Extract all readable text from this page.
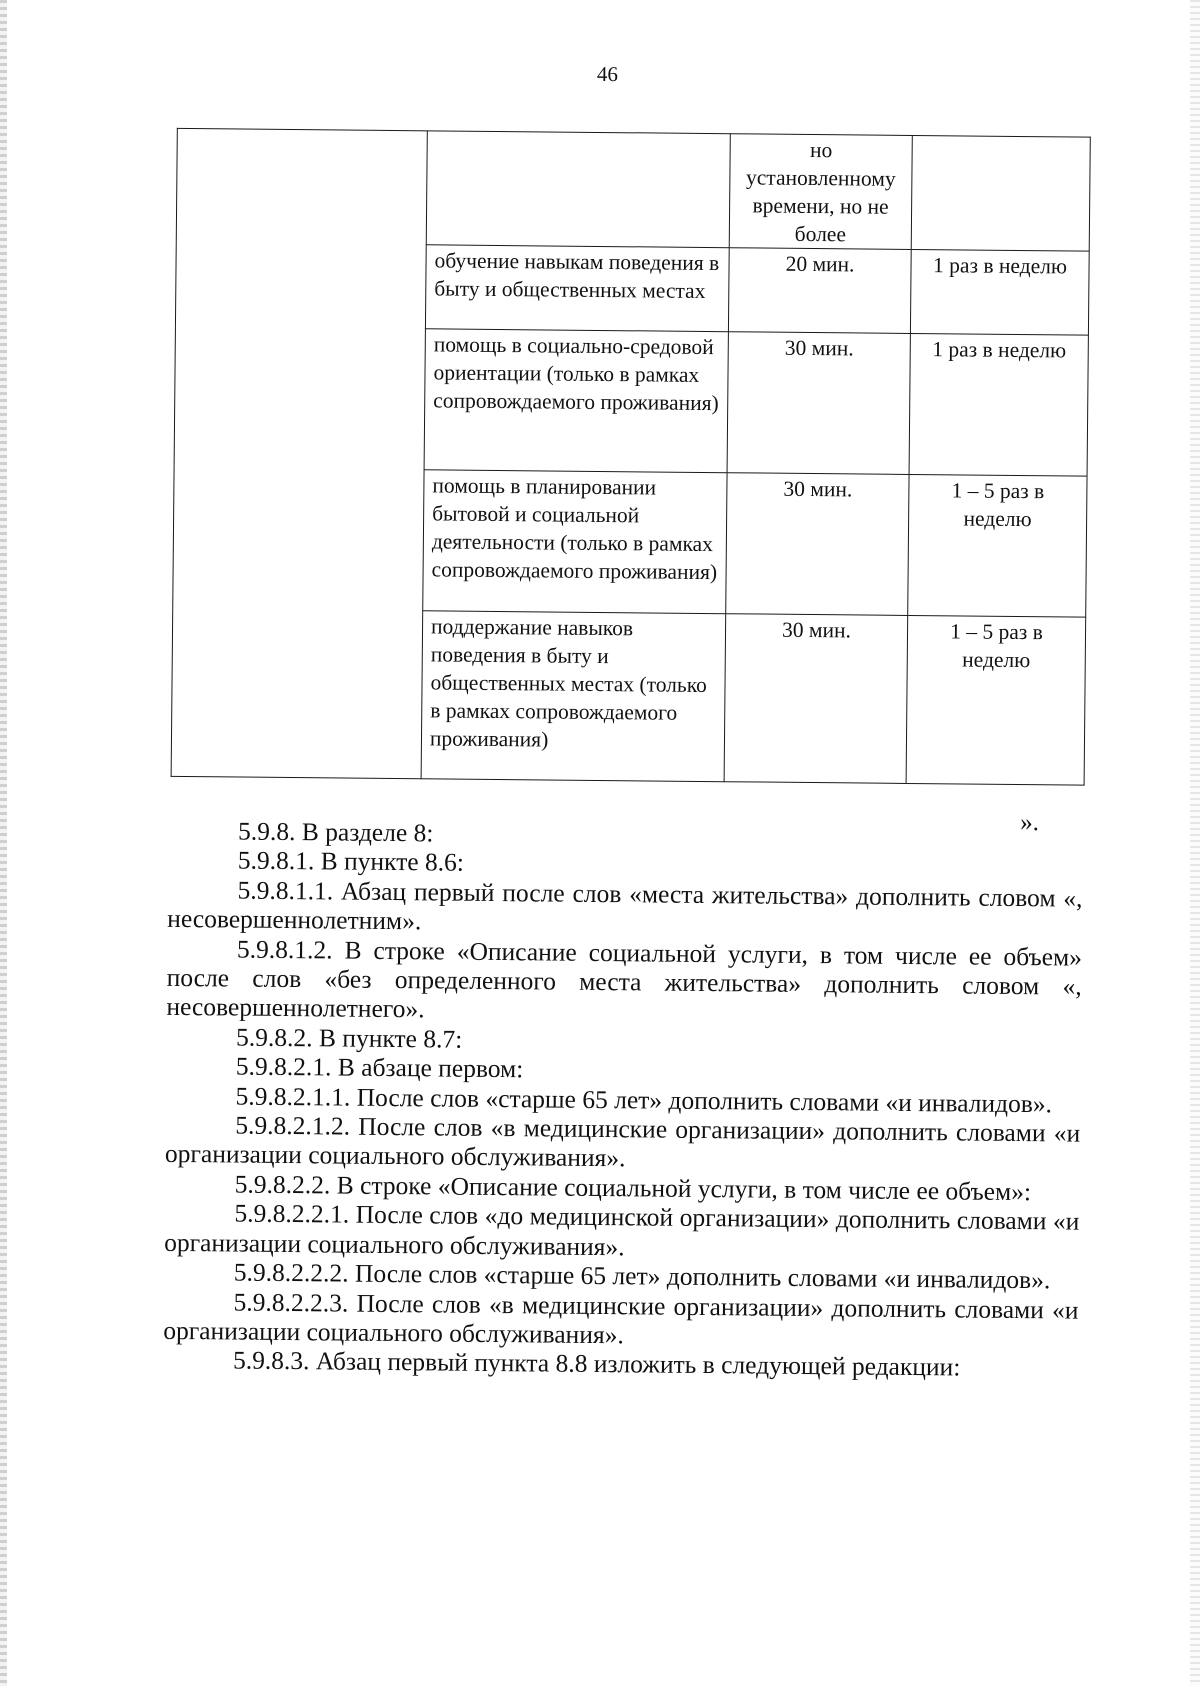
46
		но установленному времени, но не более	
	обучение навыкам поведения в быту и общественных местах	20 мин.	1 раз в неделю
	помощь в социально-средовой ориентации (только в рамках сопровождаемого проживания)	30 мин.	1 раз в неделю
	помощь в планировании бытовой и социальной деятельности (только в рамках сопровождаемого проживания)	30 мин.	1 – 5 раз в неделю
	поддержание навыков поведения в быту и общественных местах (только в рамках сопровождаемого проживания)	30 мин.	1 – 5 раз в неделю
».

5.9.8. В разделе 8:

5.9.8.1. В пункте 8.6:

5.9.8.1.1. Абзац первый после слов «места жительства» дополнить словом «, несовершеннолетним».

5.9.8.1.2. В строке «Описание социальной услуги, в том числе ее объем» после слов «без определенного места жительства» дополнить словом «, несовершеннолетнего».

5.9.8.2. В пункте 8.7:

5.9.8.2.1. В абзаце первом:

5.9.8.2.1.1. После слов «старше 65 лет» дополнить словами «и инвалидов».

5.9.8.2.1.2. После слов «в медицинские организации» дополнить словами «и организации социального обслуживания».

5.9.8.2.2. В строке «Описание социальной услуги, в том числе ее объем»:

5.9.8.2.2.1. После слов «до медицинской организации» дополнить словами «и организации социального обслуживания».

5.9.8.2.2.2. После слов «старше 65 лет» дополнить словами «и инвалидов».

5.9.8.2.2.3. После слов «в медицинские организации» дополнить словами «и организации социального обслуживания».

5.9.8.3. Абзац первый пункта 8.8 изложить в следующей редакции:
